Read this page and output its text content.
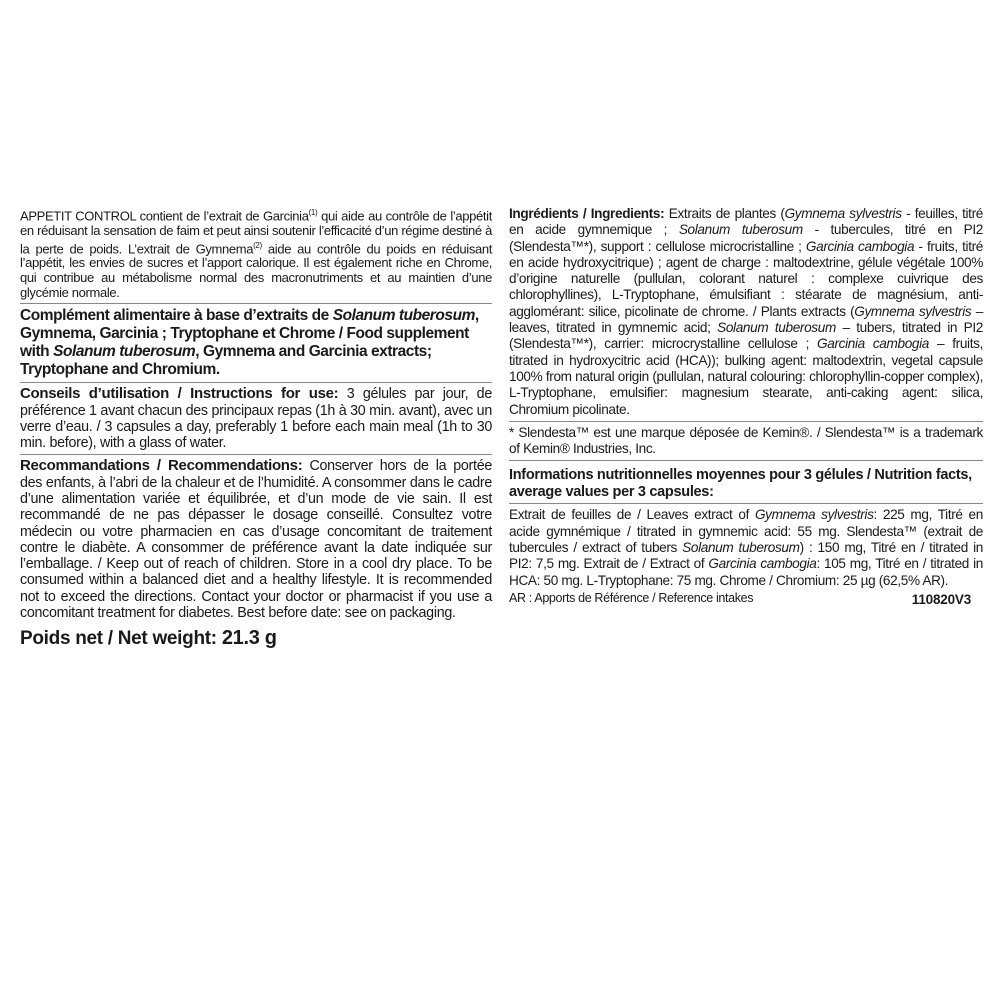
APPETIT CONTROL contient de l’extrait de Garcinia$^{(1)}$ qui aide au contrôle de l’appétit en réduisant la sensation de faim et peut ainsi soutenir l’efficacité d’un régime destiné à la perte de poids. L’extrait de Gymnema$^{(2)}$ aide au contrôle du poids en réduisant l’appétit, les envies de sucres et l’apport calorique. Il est également riche en Chrome, qui contribue au métabolisme normal des macronutriments et au maintien d’une glycémie normale.

Complément alimentaire à base d’extraits de Solanum tuberosum, Gymnema, Garcinia ; Tryptophane et Chrome / Food supplement with Solanum tuberosum, Gymnema and Garcinia extracts; Tryptophane and Chromium.

Conseils d’utilisation / Instructions for use: 3 gélules par jour, de préférence 1 avant chacun des principaux repas (1h à 30 min. avant), avec un verre d’eau. / 3 capsules a day, preferably 1 before each main meal (1h to 30 min. before), with a glass of water.

Recommandations / Recommendations: Conserver hors de la portée des enfants, à l’abri de la chaleur et de l’humidité. A consommer dans le cadre d’une alimentation variée et équilibrée, et d’un mode de vie sain. Il est recommandé de ne pas dépasser le dosage conseillé. Consultez votre médecin ou votre pharmacien en cas d’usage concomitant de traitement contre le diabète. A consommer de préférence avant la date indiquée sur l’emballage. / Keep out of reach of children. Store in a cool dry place. To be consumed within a balanced diet and a healthy lifestyle. It is recommended not to exceed the directions. Contact your doctor or pharmacist if you use a concomitant treatment for diabetes. Best before date: see on packaging.

Poids net / Net weight: 21.3 g

Ingrédients / Ingredients: Extraits de plantes (Gymnema sylvestris - feuilles, titré en acide gymnemique ; Solanum tuberosum - tubercules, titré en PI2 (Slendesta™*), support : cellulose microcristalline ; Garcinia cambogia - fruits, titré en acide hydroxycitrique) ; agent de charge : maltodextrine, gélule végétale 100% d’origine naturelle (pullulan, colorant naturel : complexe cuivrique des chlorophyllines), L-Tryptophane, émulsifiant : stéarate de magnésium, anti-agglomérant: silice, picolinate de chrome. / Plants extracts (Gymnema sylvestris – leaves, titrated in gymnemic acid; Solanum tuberosum – tubers, titrated in PI2 (Slendesta™*), carrier: microcrystalline cellulose ; Garcinia cambogia – fruits, titrated in hydroxycitric acid (HCA)); bulking agent: maltodextrin, vegetal capsule 100% from natural origin (pullulan, natural colouring: chlorophyllin-copper complex), L-Tryptophane, emulsifier: magnesium stearate, anti-caking agent: silica, Chromium picolinate.

* Slendesta™ est une marque déposée de Kemin®. / Slendesta™ is a trademark of Kemin® Industries, Inc.

Informations nutritionnelles moyennes pour 3 gélules / Nutrition facts, average values per 3 capsules:

Extrait de feuilles de / Leaves extract of Gymnema sylvestris: 225 mg, Titré en acide gymnémique / titrated in gymnemic acid: 55 mg. Slendesta™ (extrait de tubercules / extract of tubers Solanum tuberosum) : 150 mg, Titré en / titrated in PI2: 7,5 mg. Extrait de / Extract of Garcinia cambogia: 105 mg, Titré en / titrated in HCA: 50 mg. L-Tryptophane: 75 mg. Chrome / Chromium: 25 µg (62,5% AR).

AR : Apports de Référence / Reference intakes	110820V3
